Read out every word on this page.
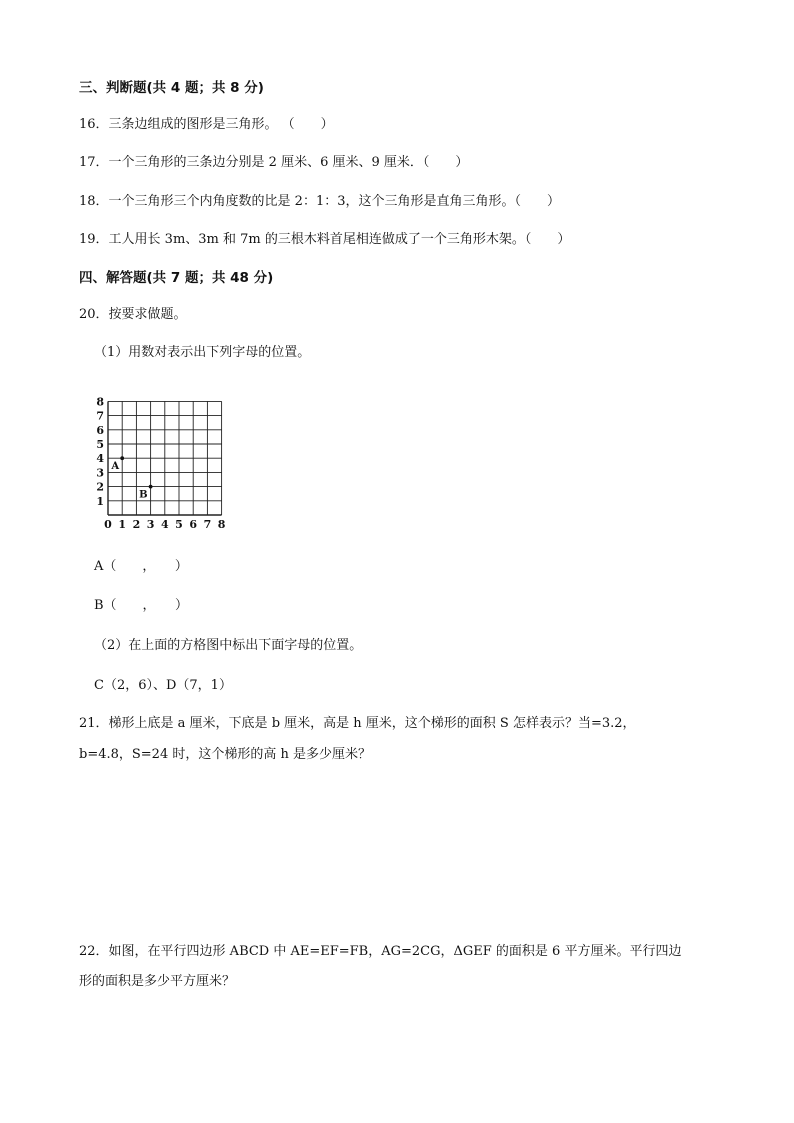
三、判断题(共 4 题；共 8 分)
16．三条边组成的图形是三角形。 （　　）
17．一个三角形的三条边分别是 2 厘米、6 厘米、9 厘米．（　　）
18．一个三角形三个内角度数的比是 2：1：3，这个三角形是直角三角形。（　　）
19．工人用长 3m、3m 和 7m 的三根木料首尾相连做成了一个三角形木架。（　　）
四、解答题(共 7 题；共 48 分)
20．按要求做题。
（1）用数对表示出下列字母的位置。
0 1 2 3 4 5 6 7 8
1
2
3
4
5
6
7
8
A
B
A（　　，　　）
B（　　，　　）
（2）在上面的方格图中标出下面字母的位置。
C（2，6）、D（7，1）
21．梯形上底是 a 厘米，下底是 b 厘米，高是 h 厘米，这个梯形的面积 S 怎样表示？当=3.2，
b=4.8，S=24 时，这个梯形的高 h 是多少厘米？
22．如图，在平行四边形 ABCD 中 AE=EF=FB，AG=2CG，ΔGEF 的面积是 6 平方厘米。平行四边
形的面积是多少平方厘米？
